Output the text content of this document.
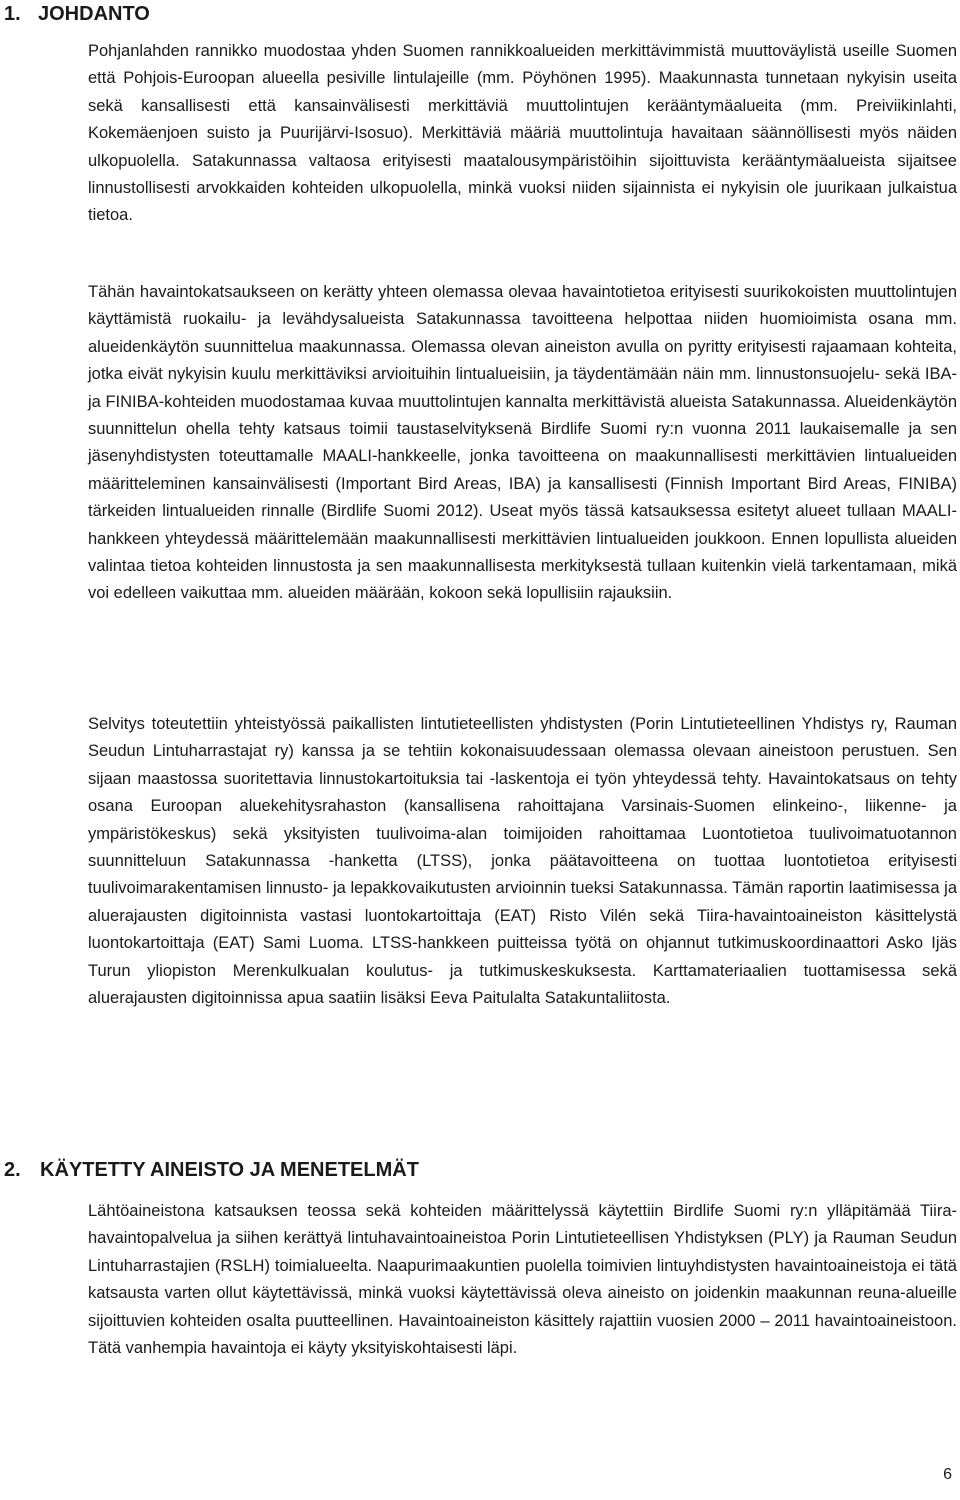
1. JOHDANTO

Pohjanlahden rannikko muodostaa yhden Suomen rannikkoalueiden merkittävimmistä muuttoväylistä useille Suomen että Pohjois-Euroopan alueella pesiville lintulajeille (mm. Pöyhönen 1995). Maakunnasta tunnetaan nykyisin useita sekä kansallisesti että kansainvälisesti merkittäviä muuttolintujen kerääntymäalueita (mm. Preiviikinlahti, Kokemäenjoen suisto ja Puurijärvi-Isosuo). Merkittäviä määriä muuttolintuja havaitaan säännöllisesti myös näiden ulkopuolella. Satakunnassa valtaosa erityisesti maatalousympäristöihin sijoittuvista kerääntymäalueista sijaitsee linnustollisesti arvokkaiden kohteiden ulkopuolella, minkä vuoksi niiden sijainnista ei nykyisin ole juurikaan julkaistua tietoa.

Tähän havaintokatsaukseen on kerätty yhteen olemassa olevaa havaintotietoa erityisesti suurikokoisten muuttolintujen käyttämistä ruokailu- ja levähdysalueista Satakunnassa tavoitteena helpottaa niiden huomioimista osana mm. alueidenkäytön suunnittelua maakunnassa. Olemassa olevan aineiston avulla on pyritty erityisesti rajaamaan kohteita, jotka eivät nykyisin kuulu merkittäviksi arvioituihin lintualueisiin, ja täydentämään näin mm. linnustonsuojelu- sekä IBA- ja FINIBA-kohteiden muodostamaa kuvaa muuttolintujen kannalta merkittävistä alueista Satakunnassa. Alueidenkäytön suunnittelun ohella tehty katsaus toimii taustaselvityksenä Birdlife Suomi ry:n vuonna 2011 laukaisemalle ja sen jäsenyhdistysten toteuttamalle MAALI-hankkeelle, jonka tavoitteena on maakunnallisesti merkittävien lintualueiden määritteleminen kansainvälisesti (Important Bird Areas, IBA) ja kansallisesti (Finnish Important Bird Areas, FINIBA) tärkeiden lintualueiden rinnalle (Birdlife Suomi 2012). Useat myös tässä katsauksessa esitetyt alueet tullaan MAALI-hankkeen yhteydessä määrittelemään maakunnallisesti merkittävien lintualueiden joukkoon. Ennen lopullista alueiden valintaa tietoa kohteiden linnustosta ja sen maakunnallisesta merkityksestä tullaan kuitenkin vielä tarkentamaan, mikä voi edelleen vaikuttaa mm. alueiden määrään, kokoon sekä lopullisiin rajauksiin.

Selvitys toteutettiin yhteistyössä paikallisten lintutieteellisten yhdistysten (Porin Lintutieteellinen Yhdistys ry, Rauman Seudun Lintuharrastajat ry) kanssa ja se tehtiin kokonaisuudessaan olemassa olevaan aineistoon perustuen. Sen sijaan maastossa suoritettavia linnustokartoituksia tai -laskentoja ei työn yhteydessä tehty. Havaintokatsaus on tehty osana Euroopan aluekehitysrahaston (kansallisena rahoittajana Varsinais-Suomen elinkeino-, liikenne- ja ympäristökeskus) sekä yksityisten tuulivoima-alan toimijoiden rahoittamaa Luontotietoa tuulivoimatuotannon suunnitteluun Satakunnassa -hanketta (LTSS), jonka päätavoitteena on tuottaa luontotietoa erityisesti tuulivoimarakentamisen linnusto- ja lepakkovaikutusten arvioinnin tueksi Satakunnassa. Tämän raportin laatimisessa ja aluerajausten digitoinnista vastasi luontokartoittaja (EAT) Risto Vilén sekä Tiira-havaintoaineiston käsittelystä luontokartoittaja (EAT) Sami Luoma. LTSS-hankkeen puitteissa työtä on ohjannut tutkimuskoordinaattori Asko Ijäs Turun yliopiston Merenkulkualan koulutus- ja tutkimuskeskuksesta. Karttamateriaalien tuottamisessa sekä aluerajausten digitoinnissa apua saatiin lisäksi Eeva Paitulalta Satakuntaliitosta.

2. KÄYTETTY AINEISTO JA MENETELMÄT

Lähtöaineistona katsauksen teossa sekä kohteiden määrittelyssä käytettiin Birdlife Suomi ry:n ylläpitämää Tiira-havaintopalvelua ja siihen kerättyä lintuhavaintoaineistoa Porin Lintutieteellisen Yhdistyksen (PLY) ja Rauman Seudun Lintuharrastajien (RSLH) toimialueelta. Naapurimaakuntien puolella toimivien lintuyhdistysten havaintoaineistoja ei tätä katsausta varten ollut käytettävissä, minkä vuoksi käytettävissä oleva aineisto on joidenkin maakunnan reuna-alueille sijoittuvien kohteiden osalta puutteellinen. Havaintoaineiston käsittely rajattiin vuosien 2000 – 2011 havaintoaineistoon. Tätä vanhempia havaintoja ei käyty yksityiskohtaisesti läpi.

6
